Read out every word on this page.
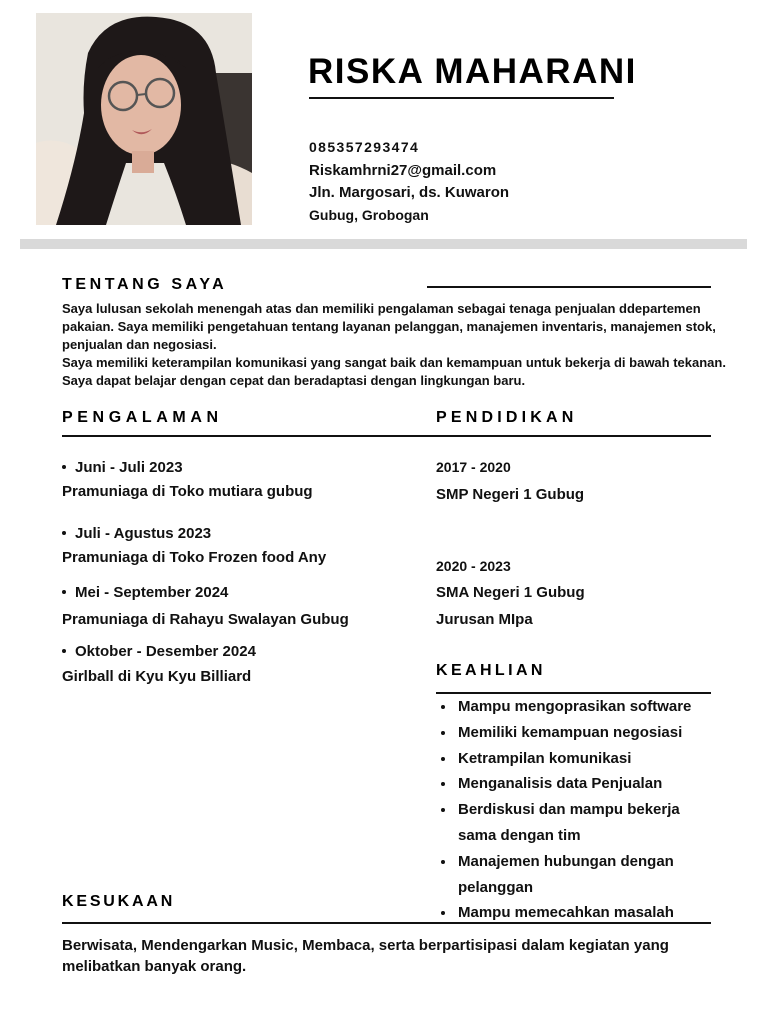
RISKA MAHARANI
085357293474
Riskamhrni27@gmail.com
Jln. Margosari, ds. Kuwaron
Gubug, Grobogan
TENTANG SAYA

Saya lulusan sekolah menengah atas dan memiliki pengalaman sebagai tenaga penjualan ddepartemen pakaian. Saya memiliki pengetahuan tentang layanan pelanggan, manajemen inventaris, manajemen stok, penjualan dan negosiasi.

Saya memiliki keterampilan komunikasi yang sangat baik dan kemampuan untuk bekerja di bawah tekanan. Saya dapat belajar dengan cepat dan beradaptasi dengan lingkungan baru.

PENGALAMAN	PENDIDIKAN
Juni - Juli 2023
Pramuniaga di Toko mutiara gubug
Juli - Agustus 2023
Pramuniaga di Toko Frozen food Any
Mei - September 2024
Pramuniaga di Rahayu Swalayan Gubug
Oktober - Desember 2024
Girlball di Kyu Kyu Billiard
2017 - 2020
SMP Negeri 1 Gubug
2020 - 2023
SMA Negeri 1 Gubug
Jurusan MIpa
KEAHLIAN
Mampu mengoprasikan software
Memiliki kemampuan negosiasi
Ketrampilan komunikasi
Menganalisis data Penjualan
Berdiskusi dan mampu bekerja
sama dengan tim
Manajemen hubungan dengan
pelanggan
Mampu memecahkan masalah
KESUKAAN
Berwisata, Mendengarkan Music, Membaca, serta berpartisipasi dalam kegiatan yang melibatkan banyak orang.
